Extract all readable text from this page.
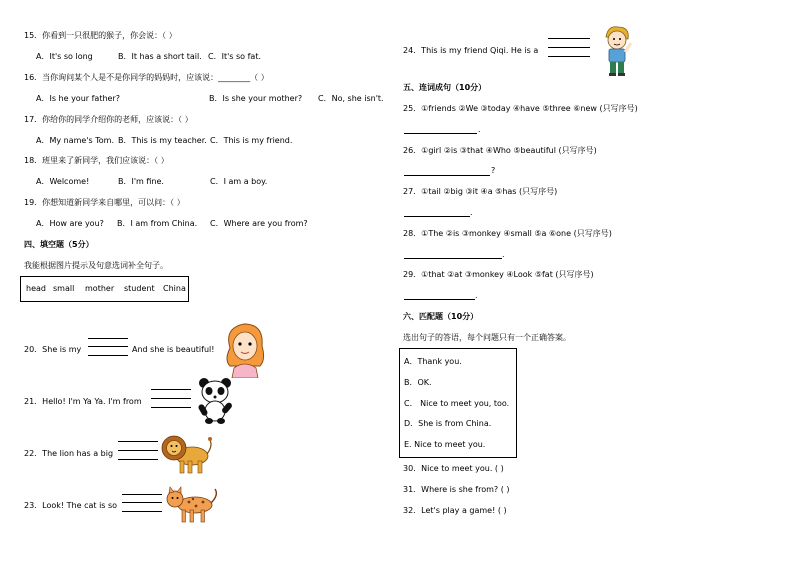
15．你看到一只很肥的猴子，你会说：（ ）
A．It's so long	B．It has a short tail. C．It's so fat.
16．当你询问某个人是不是你同学的妈妈时，应该说：________（ ）
A．Is he your father?	B．Is she your mother? C．No, she isn't.
17．你给你的同学介绍你的老师，应该说：（ ）
A．My name's Tom. B．This is my teacher. C．This is my friend.
18．班里来了新同学，我们应该说：（ ）
A．Welcome!	B．I'm fine.	C．I am a boy.
19．你想知道新同学来自哪里，可以问：（ ）
A．How are you? B．I am from China. C．Where are you from?
四、填空题（5分）
我能根据图片提示及句意选词补全句子。
head small mother student China
20．She is my	And she is beautiful!
21．Hello! I'm Ya Ya. I'm from
22．The lion has a big
23．Look! The cat is so
24．This is my friend Qiqi. He is a
五、连词成句（10分）
25．①friends ②We ③today ④have ⑤three ⑥new (只写序号)
.
26．①girl ②is ③that ④Who ⑤beautiful (只写序号)
?
27．①tail ②big ③it ④a ⑤has (只写序号)
.
28．①The ②is ③monkey ④small ⑤a ⑥one (只写序号)
.
29．①that ②at ③monkey ④Look ⑤fat (只写序号)
.
六、匹配题（10分）
选出句子的答语，每个问题只有一个正确答案。
A．Thank you.
B．OK.
C． Nice to meet you, too.
D．She is from China.
E. Nice to meet you.
30．Nice to meet you. ( )
31．Where is she from? ( )
32．Let's play a game! ( )
